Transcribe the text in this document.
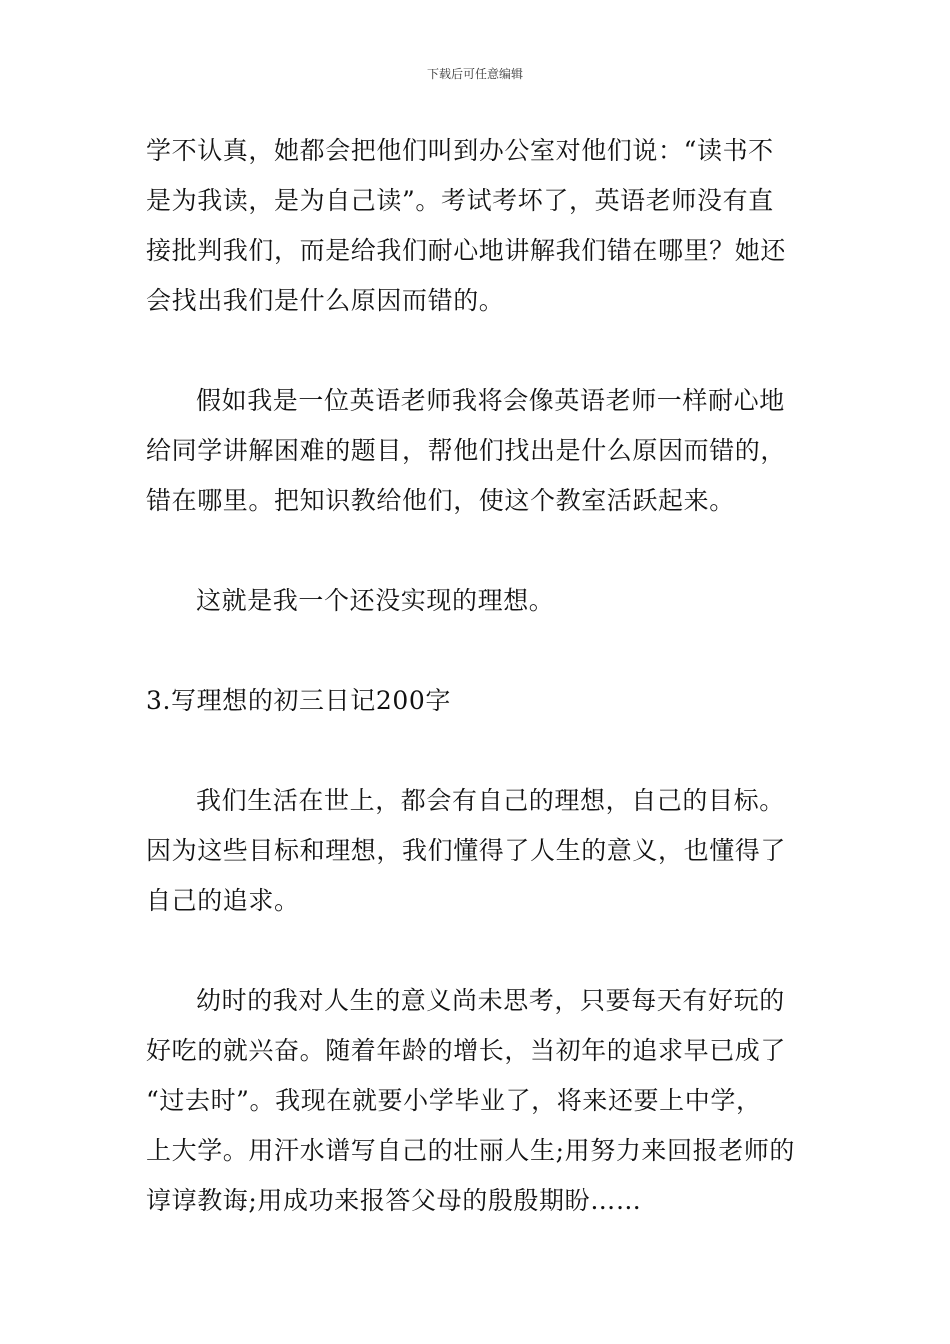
下载后可任意编辑

学不认真，她都会把他们叫到办公室对他们说：“读书不
是为我读，是为自己读”。考试考坏了，英语老师没有直
接批判我们，而是给我们耐心地讲解我们错在哪里？她还
会找出我们是什么原因而错的。

假如我是一位英语老师我将会像英语老师一样耐心地
给同学讲解困难的题目，帮他们找出是什么原因而错的，
错在哪里。把知识教给他们，使这个教室活跃起来。

这就是我一个还没实现的理想。

3.写理想的初三日记200字

我们生活在世上，都会有自己的理想，自己的目标。
因为这些目标和理想，我们懂得了人生的意义，也懂得了
自己的追求。

幼时的我对人生的意义尚未思考，只要每天有好玩的
好吃的就兴奋。随着年龄的增长，当初年的追求早已成了
“过去时”。我现在就要小学毕业了，将来还要上中学，
上大学。用汗水谱写自己的壮丽人生;用努力来回报老师的
谆谆教诲;用成功来报答父母的殷殷期盼……
